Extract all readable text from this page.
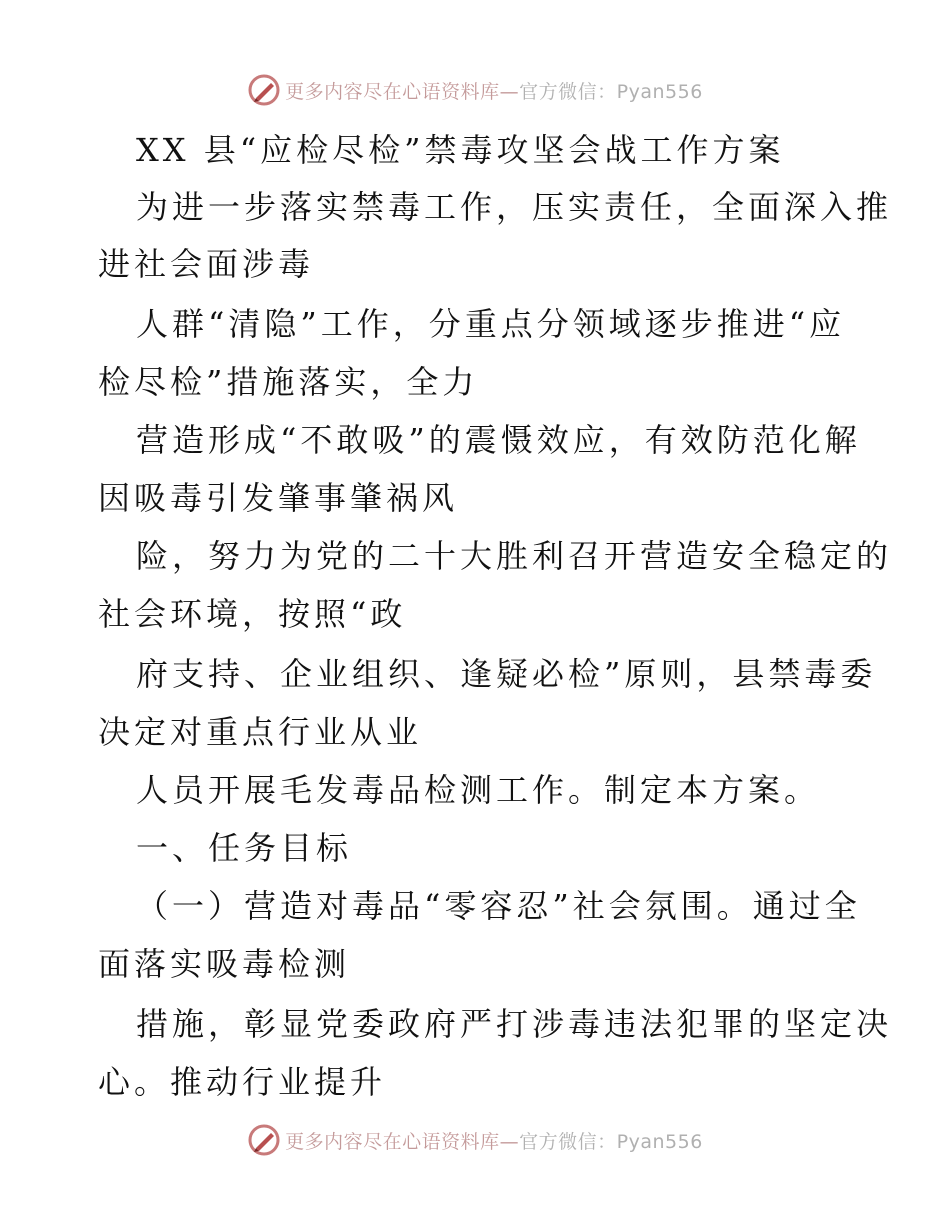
更多内容尽在心语资料库—官方微信：Pyan556
XX 县“应检尽检”禁毒攻坚会战工作方案
为进一步落实禁毒工作，压实责任，全面深入推
进社会面涉毒
人群“清隐”工作，分重点分领域逐步推进“应
检尽检”措施落实，全力
营造形成“不敢吸”的震慑效应，有效防范化解
因吸毒引发肇事肇祸风
险，努力为党的二十大胜利召开营造安全稳定的
社会环境，按照“政
府支持、企业组织、逢疑必检”原则，县禁毒委
决定对重点行业从业
人员开展毛发毒品检测工作。制定本方案。
一、任务目标
（一）营造对毒品“零容忍”社会氛围。通过全
面落实吸毒检测
措施，彰显党委政府严打涉毒违法犯罪的坚定决
心。推动行业提升
更多内容尽在心语资料库—官方微信：Pyan556
